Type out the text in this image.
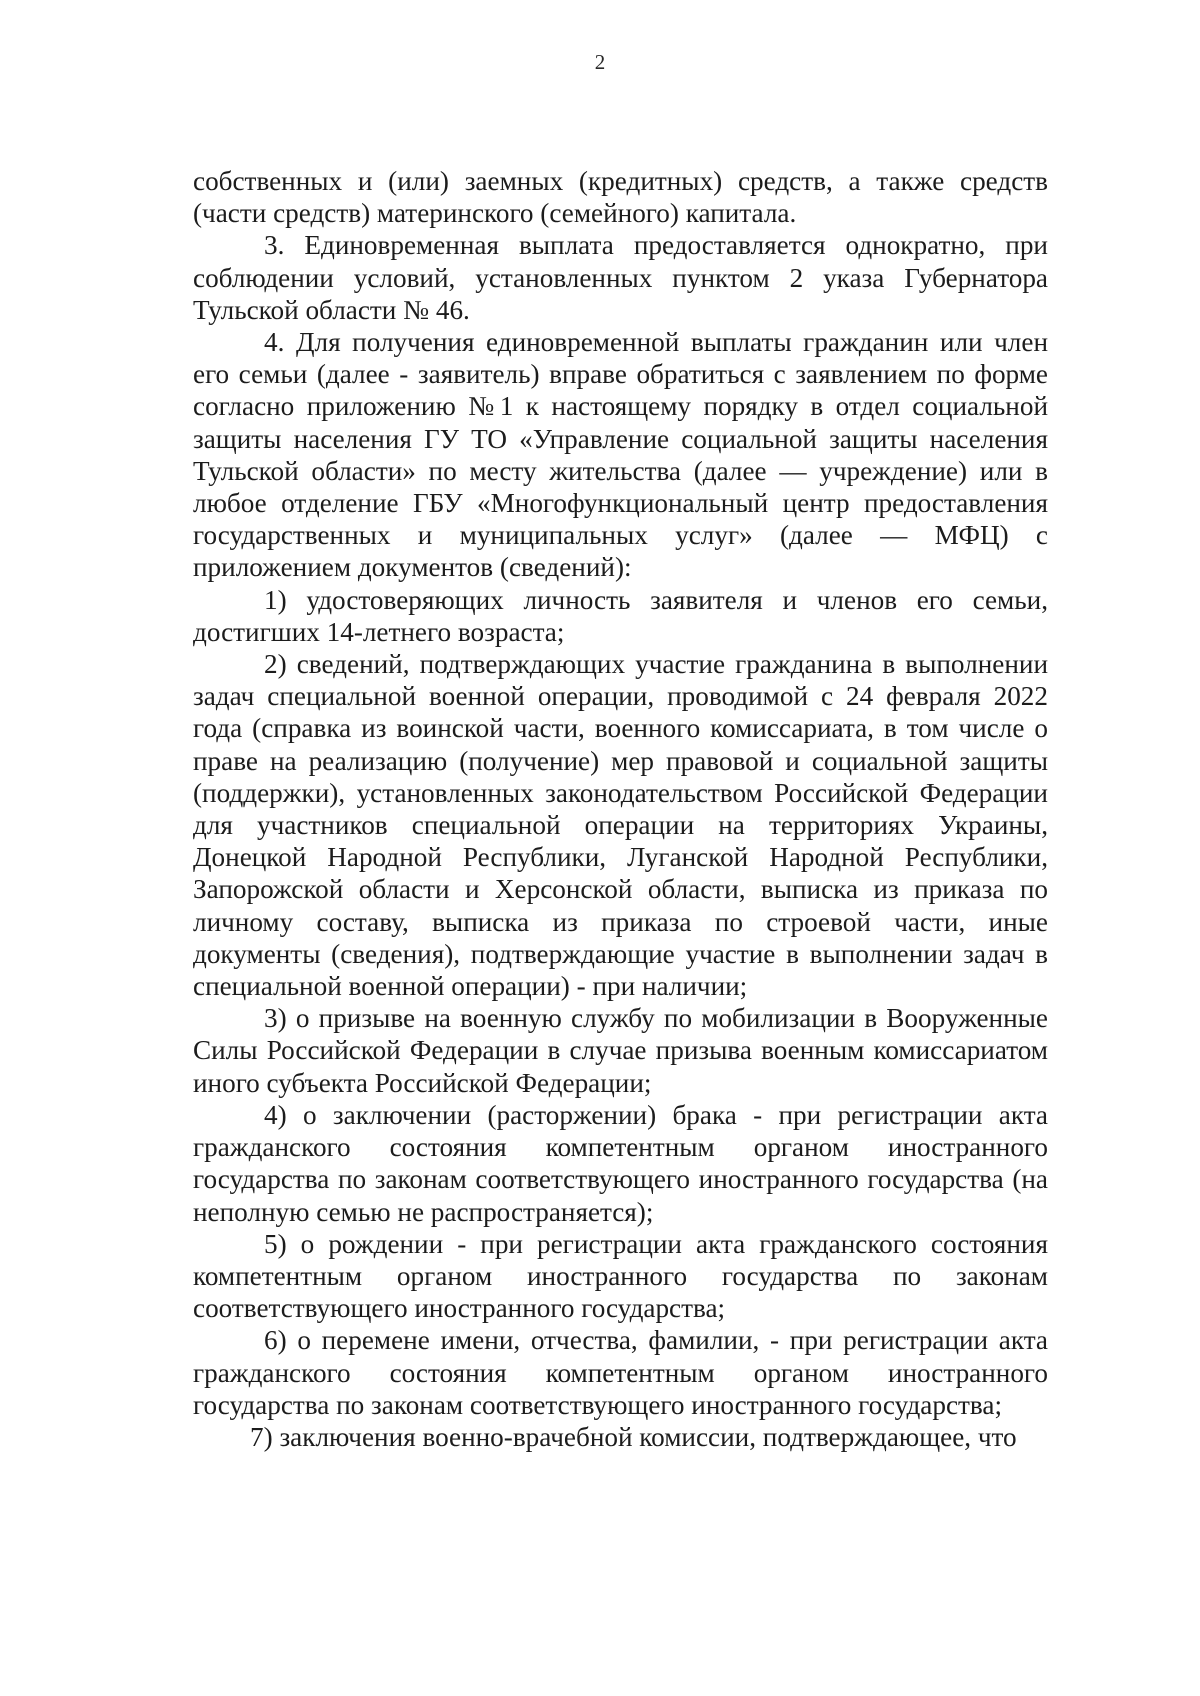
2

собственных и (или) заемных (кредитных) средств, а также средств (части средств) материнского (семейного) капитала.

3. Единовременная выплата предоставляется однократно, при соблюдении условий, установленных пунктом 2 указа Губернатора Тульской области № 46.

4. Для получения единовременной выплаты гражданин или член его семьи (далее - заявитель) вправе обратиться с заявлением по форме согласно приложению №1 к настоящему порядку в отдел социальной защиты населения ГУ ТО «Управление социальной защиты населения Тульской области» по месту жительства (далее — учреждение) или в любое отделение ГБУ «Многофункциональный центр предоставления государственных и муниципальных услуг» (далее — МФЦ) с приложением документов (сведений):

1) удостоверяющих личность заявителя и членов его семьи, достигших 14-летнего возраста;

2) сведений, подтверждающих участие гражданина в выполнении задач специальной военной операции, проводимой с 24 февраля 2022 года (справка из воинской части, военного комиссариата, в том числе о праве на реализацию (получение) мер правовой и социальной защиты (поддержки), установленных законодательством Российской Федерации для участников специальной операции на территориях Украины, Донецкой Народной Республики, Луганской Народной Республики, Запорожской области и Херсонской области, выписка из приказа по личному составу, выписка из приказа по строевой части, иные документы (сведения), подтверждающие участие в выполнении задач в специальной военной операции) - при наличии;

3) о призыве на военную службу по мобилизации в Вооруженные Силы Российской Федерации в случае призыва военным комиссариатом иного субъекта Российской Федерации;

4) о заключении (расторжении) брака - при регистрации акта гражданского состояния компетентным органом иностранного государства по законам соответствующего иностранного государства (на неполную семью не распространяется);

5) о рождении - при регистрации акта гражданского состояния компетентным органом иностранного государства по законам соответствующего иностранного государства;

6) о перемене имени, отчества, фамилии, - при регистрации акта гражданского состояния компетентным органом иностранного государства по законам соответствующего иностранного государства;

7) заключения военно-врачебной комиссии, подтверждающее, что
